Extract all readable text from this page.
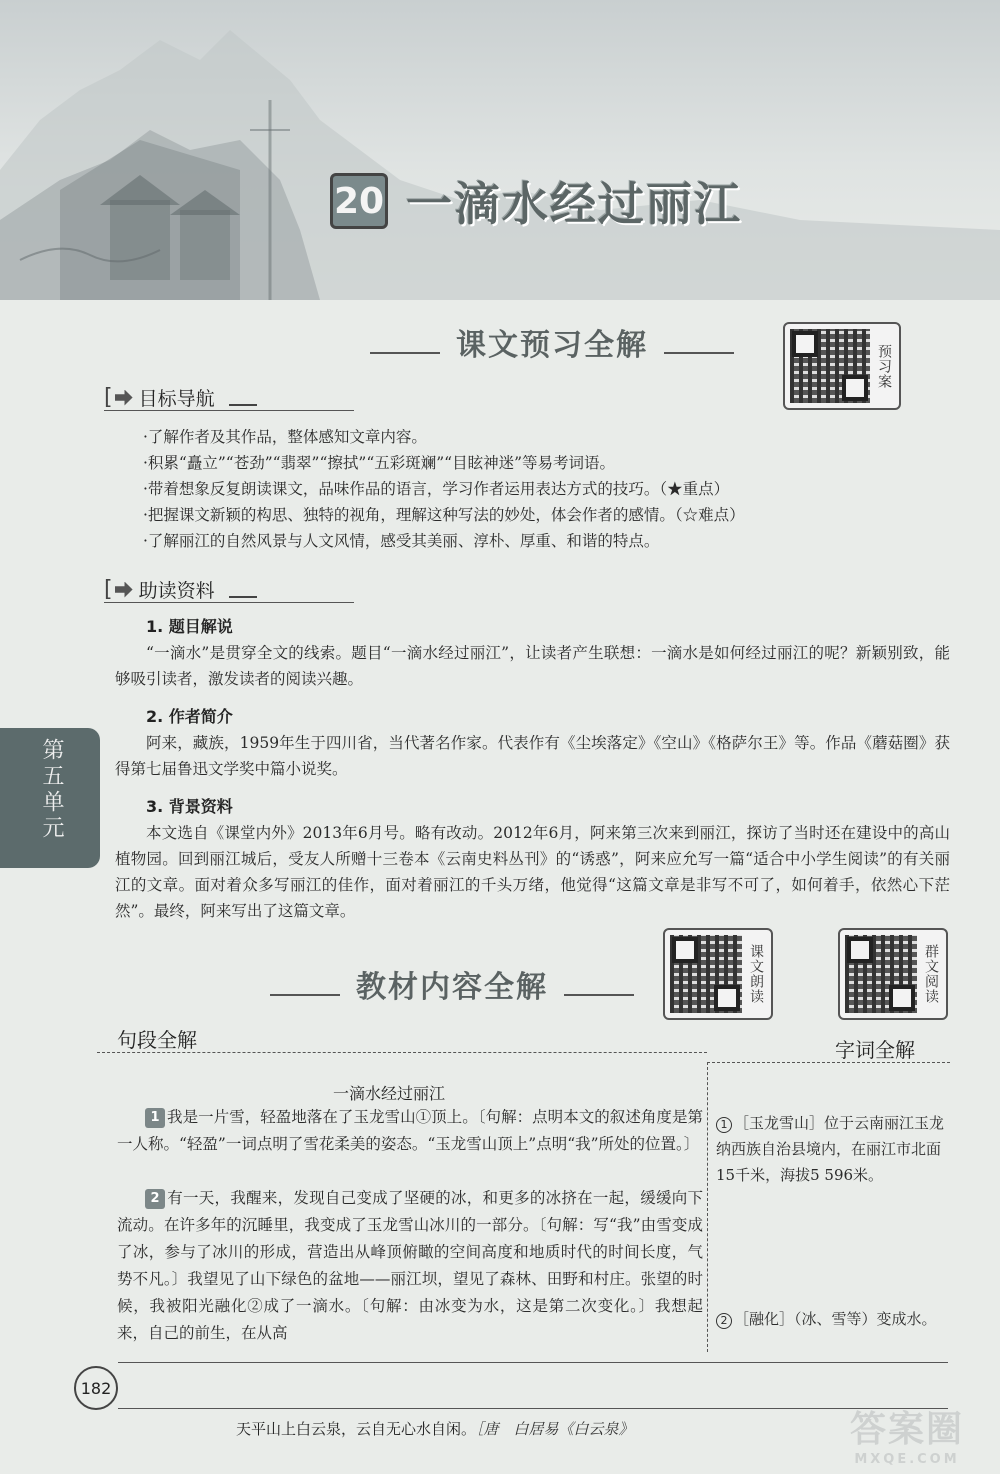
20 一滴水经过丽江
课文预习全解	预习案
[ 目标导航
·了解作者及其作品，整体感知文章内容。
·积累“矗立”“苍劲”“翡翠”“擦拭”“五彩斑斓”“目眩神迷”等易考词语。
·带着想象反复朗读课文，品味作品的语言，学习作者运用表达方式的技巧。（★重点）
·把握课文新颖的构思、独特的视角，理解这种写法的妙处，体会作者的感情。（☆难点）
·了解丽江的自然风景与人文风情，感受其美丽、淳朴、厚重、和谐的特点。
[ 助读资料
1. 题目解说
“一滴水”是贯穿全文的线索。题目“一滴水经过丽江”，让读者产生联想：一滴水是如何经过丽江的呢？新颖别致，能够吸引读者，激发读者的阅读兴趣。
2. 作者简介
阿来，藏族，1959年生于四川省，当代著名作家。代表作有《尘埃落定》《空山》《格萨尔王》等。作品《蘑菇圈》获得第七届鲁迅文学奖中篇小说奖。
3. 背景资料
本文选自《课堂内外》2013年6月号。略有改动。2012年6月，阿来第三次来到丽江，探访了当时还在建设中的高山植物园。回到丽江城后，受友人所赠十三卷本《云南史料丛刊》的“诱惑”，阿来应允写一篇“适合中小学生阅读”的有关丽江的文章。面对着众多写丽江的佳作，面对着丽江的千头万绪，他觉得“这篇文章是非写不可了，如何着手，依然心下茫然”。最终，阿来写出了这篇文章。
第五单元
教材内容全解	课文朗读	群文阅读
句段全解	字词全解
一滴水经过丽江
1 我是一片雪，轻盈地落在了玉龙雪山①顶上。〔句解：点明本文的叙述角度是第一人称。“轻盈”一词点明了雪花柔美的姿态。“玉龙雪山顶上”点明“我”所处的位置。〕
2 有一天，我醒来，发现自己变成了坚硬的冰，和更多的冰挤在一起，缓缓向下流动。在许多年的沉睡里，我变成了玉龙雪山冰川的一部分。〔句解：写“我”由雪变成了冰，参与了冰川的形成，营造出从峰顶俯瞰的空间高度和地质时代的时间长度，气势不凡。〕我望见了山下绿色的盆地——丽江坝，望见了森林、田野和村庄。张望的时候，我被阳光融化②成了一滴水。〔句解：由冰变为水，这是第二次变化。〕我想起来，自己的前生，在从高
1 ［玉龙雪山］位于云南丽江玉龙纳西族自治县境内，在丽江市北面15千米，海拔5 596米。
2 ［融化］（冰、雪等）变成水。
182
天平山上白云泉，云自无心水自闲。［唐　白居易《白云泉》	答案圈
MXQE.COM
